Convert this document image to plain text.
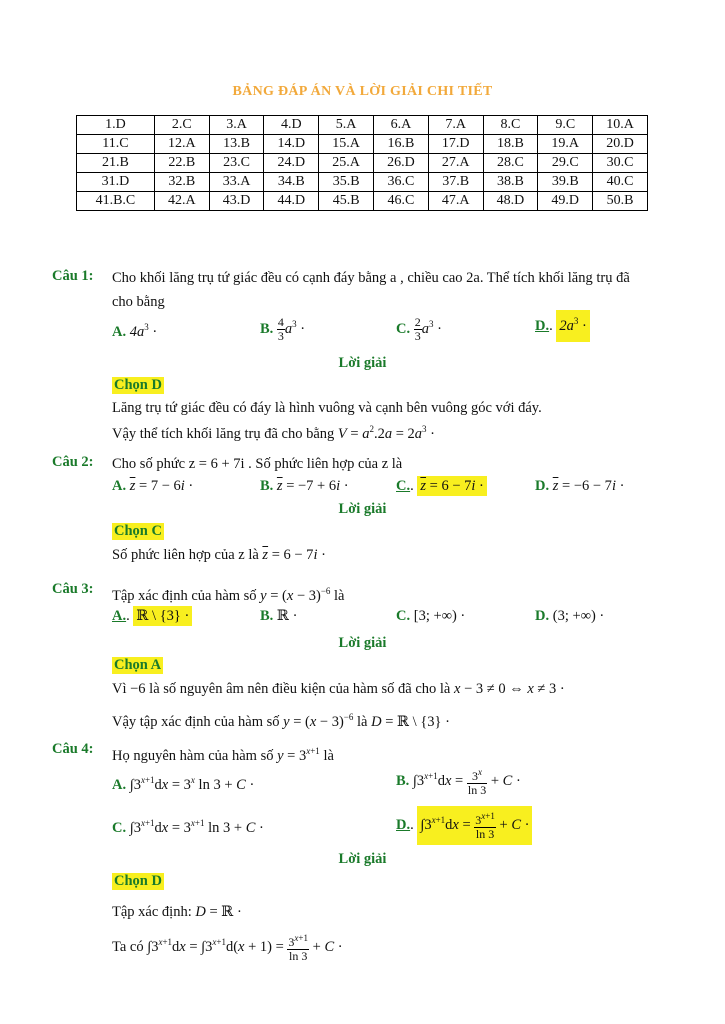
BẢNG ĐÁP ÁN VÀ LỜI GIẢI CHI TIẾT
1.D	2.C	3.A	4.D	5.A	6.A	7.A	8.C	9.C	10.A
11.C	12.A	13.B	14.D	15.A	16.B	17.D	18.B	19.A	20.D
21.B	22.B	23.C	24.D	25.A	26.D	27.A	28.C	29.C	30.C
31.D	32.B	33.A	34.B	35.B	36.C	37.B	38.B	39.B	40.C
41.B.C	42.A	43.D	44.D	45.B	46.C	47.A	48.D	49.D	50.B
Câu 1: Cho khối lăng trụ tứ giác đều có cạnh đáy bằng a , chiều cao 2a. Thể tích khối lăng trụ đã
cho bằng
A. $4a^3$ ·	B. $\frac{4}{3} a^3$ ·	C. $\frac{2}{3} a^3$ ·	D.. $2a^3$ ·
Lời giải
Chọn D
Lăng trụ tứ giác đều có đáy là hình vuông và cạnh bên vuông góc với đáy.
Vậy thể tích khối lăng trụ đã cho bằng $V = a^2.2a = 2a^3$ ·
Câu 2: Cho số phức z = 6 + 7i . Số phức liên hợp của z là
A. $\overline{z} = 7 - 6i$ ·	B. $\overline{z} = -7 + 6i$ ·	C.. $\overline{z} = 6 - 7i$ ·	D. $\overline{z} = -6 - 7i$ ·
Lời giải
Chọn C
Số phức liên hợp của z là $\overline{z} = 6 - 7i$ ·
Câu 3: Tập xác định của hàm số $y = (x - 3)^{-6}$ là
A.. ℝ \ {3} ·	B. ℝ ·	C. [3; +∞) ·	D. (3; +∞) ·
Lời giải
Chọn A
Vì −6 là số nguyên âm nên điều kiện của hàm số đã cho là x − 3 ≠ 0 ⇔ x ≠ 3 ·
Vậy tập xác định của hàm số $y = (x - 3)^{-6}$ là D = ℝ \ {3} ·
Câu 4: Họ nguyên hàm của hàm số $y = 3^{x+1}$ là
A. $\int 3^{x+1}dx = 3^x$ ln 3 + C ·	B. $\int 3^{x+1}dx = \frac{3^x}{\ln 3} + C$ ·
C. $\int 3^{x+1}dx = 3^{x+1}$ ln 3 + C ·	D.. $\int 3^{x+1}dx = \frac{3^{x+1}}{\ln 3} + C$ ·
Lời giải
Chọn D
Tập xác định: D = ℝ ·
Ta có $\int 3^{x+1}dx = \int 3^{x+1}d(x + 1) = \frac{3^{x+1}}{\ln 3} + C$ ·
